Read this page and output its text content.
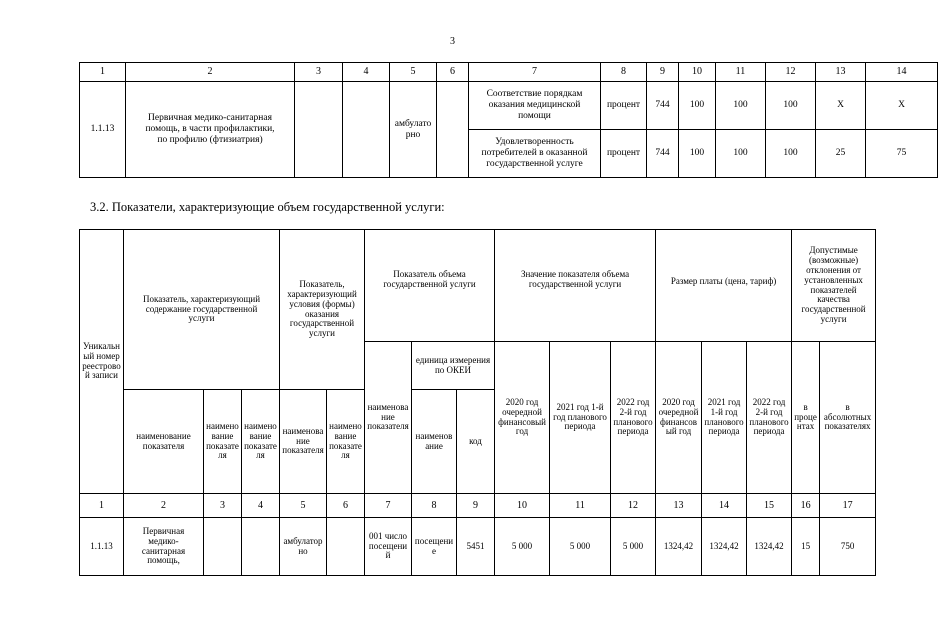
3
1	2	3	4	5	6	7	8	9	10	11	12	13	14
1.1.13	Первичная медико-санитарная помощь, в части профилактики, по профилю (фтизиатрия)			амбулаторно		Соответствие порядкам оказания медицинской помощи	процент	744	100	100	100	Х	Х
						Удовлетворенность потребителей в оказанной государственной услуге	процент	744	100	100	100	25	75
3.2. Показатели, характеризующие объем государственной услуги:
Уникальный номер реестровой записи	Показатель, характеризующий содержание государственной услуги			Показатель, характеризующий условия (формы) оказания государственной услуги		Показатель объема государственной услуги			Значение показателя объема государственной услуги			Размер платы (цена, тариф)			Допустимые (возможные) отклонения от установленных показателей качества государственной услуги	
						наименование показателя	единица измерения по ОКЕИ		2020 год очередной финансовый год	2021 год 1-й год планового периода	2022 год 2-й год планового периода	2020 год очередной финансовый год	2021 год 1-й год планового периода	2022 год 2-й год планового периода	в процентах	в абсолютных показателях
	наименование показателя	наименование показателя	наименование показателя	наименование показателя	наименование показателя		наименование	код								
1	2	3	4	5	6	7	8	9	10	11	12	13	14	15	16	17
1.1.13	Первичная медико-санитарная помощь,			амбулаторно		001 число посещений	посещение	5451	5 000	5 000	5 000	1324,42	1324,42	1324,42	15	750
